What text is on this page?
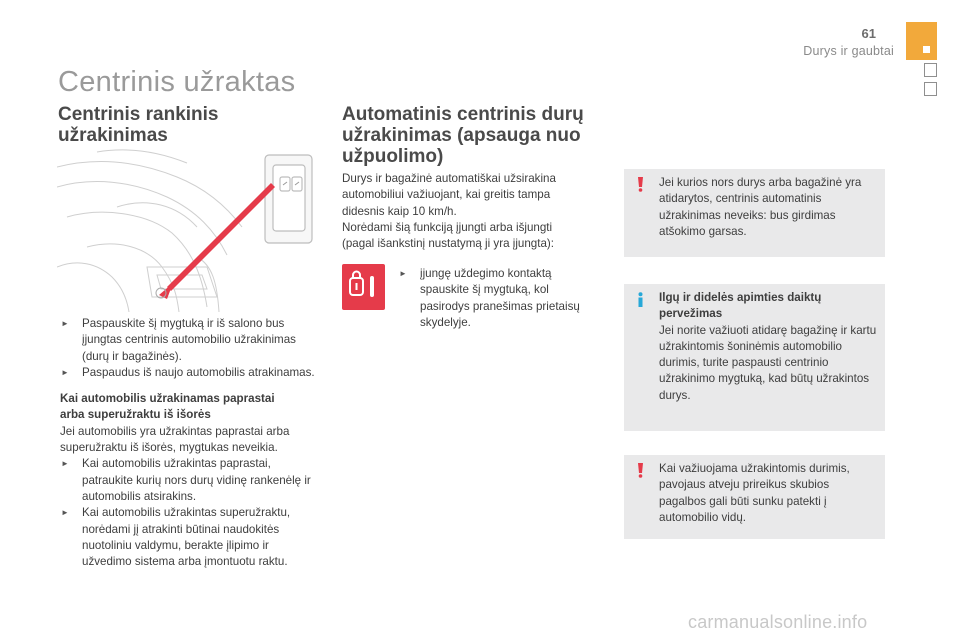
61
Durys ir gaubtai
Centrinis užraktas
Centrinis rankinis
užrakinimas

► Paspauskite šį mygtuką ir iš salono bus įjungtas centrinis automobilio užrakinimas (durų ir bagažinės).

► Paspaudus iš naujo automobilis atrakinamas.

Kai automobilis užrakinamas paprastai
arba superužraktu iš išorės

Jei automobilis yra užrakintas paprastai arba superužraktu iš išorės, mygtukas neveikia.

► Kai automobilis užrakintas paprastai, patraukite kurių nors durų vidinę rankenėlę ir automobilis atsirakins.

► Kai automobilis užrakintas superužraktu, norėdami jį atrakinti būtinai naudokitės nuotoliniu valdymu, berakte įlipimo ir užvedimo sistema arba įmontuotu raktu.

Automatinis centrinis durų
užrakinimas (apsauga nuo
užpuolimo)

Durys ir bagažinė automatiškai užsirakina automobiliui važiuojant, kai greitis tampa didesnis kaip 10 km/h.

Norėdami šią funkciją įjungti arba išjungti (pagal išankstinį nustatymą ji yra įjungta):

► įjungę uždegimo kontaktą spauskite šį mygtuką, kol pasirodys pranešimas prietaisų skydelyje.

Jei kurios nors durys arba bagažinė yra atidarytos, centrinis automatinis užrakinimas neveiks: bus girdimas atšokimo garsas.

Ilgų ir didelės apimties daiktų
pervežimas

Jei norite važiuoti atidarę bagažinę ir kartu užrakintomis šoninėmis automobilio durimis, turite paspausti centrinio užrakinimo mygtuką, kad būtų užrakintos durys.

Kai važiuojama užrakintomis durimis, pavojaus atveju prireikus skubios pagalbos gali būti sunku patekti į automobilio vidų.

carmanualsonline.info
